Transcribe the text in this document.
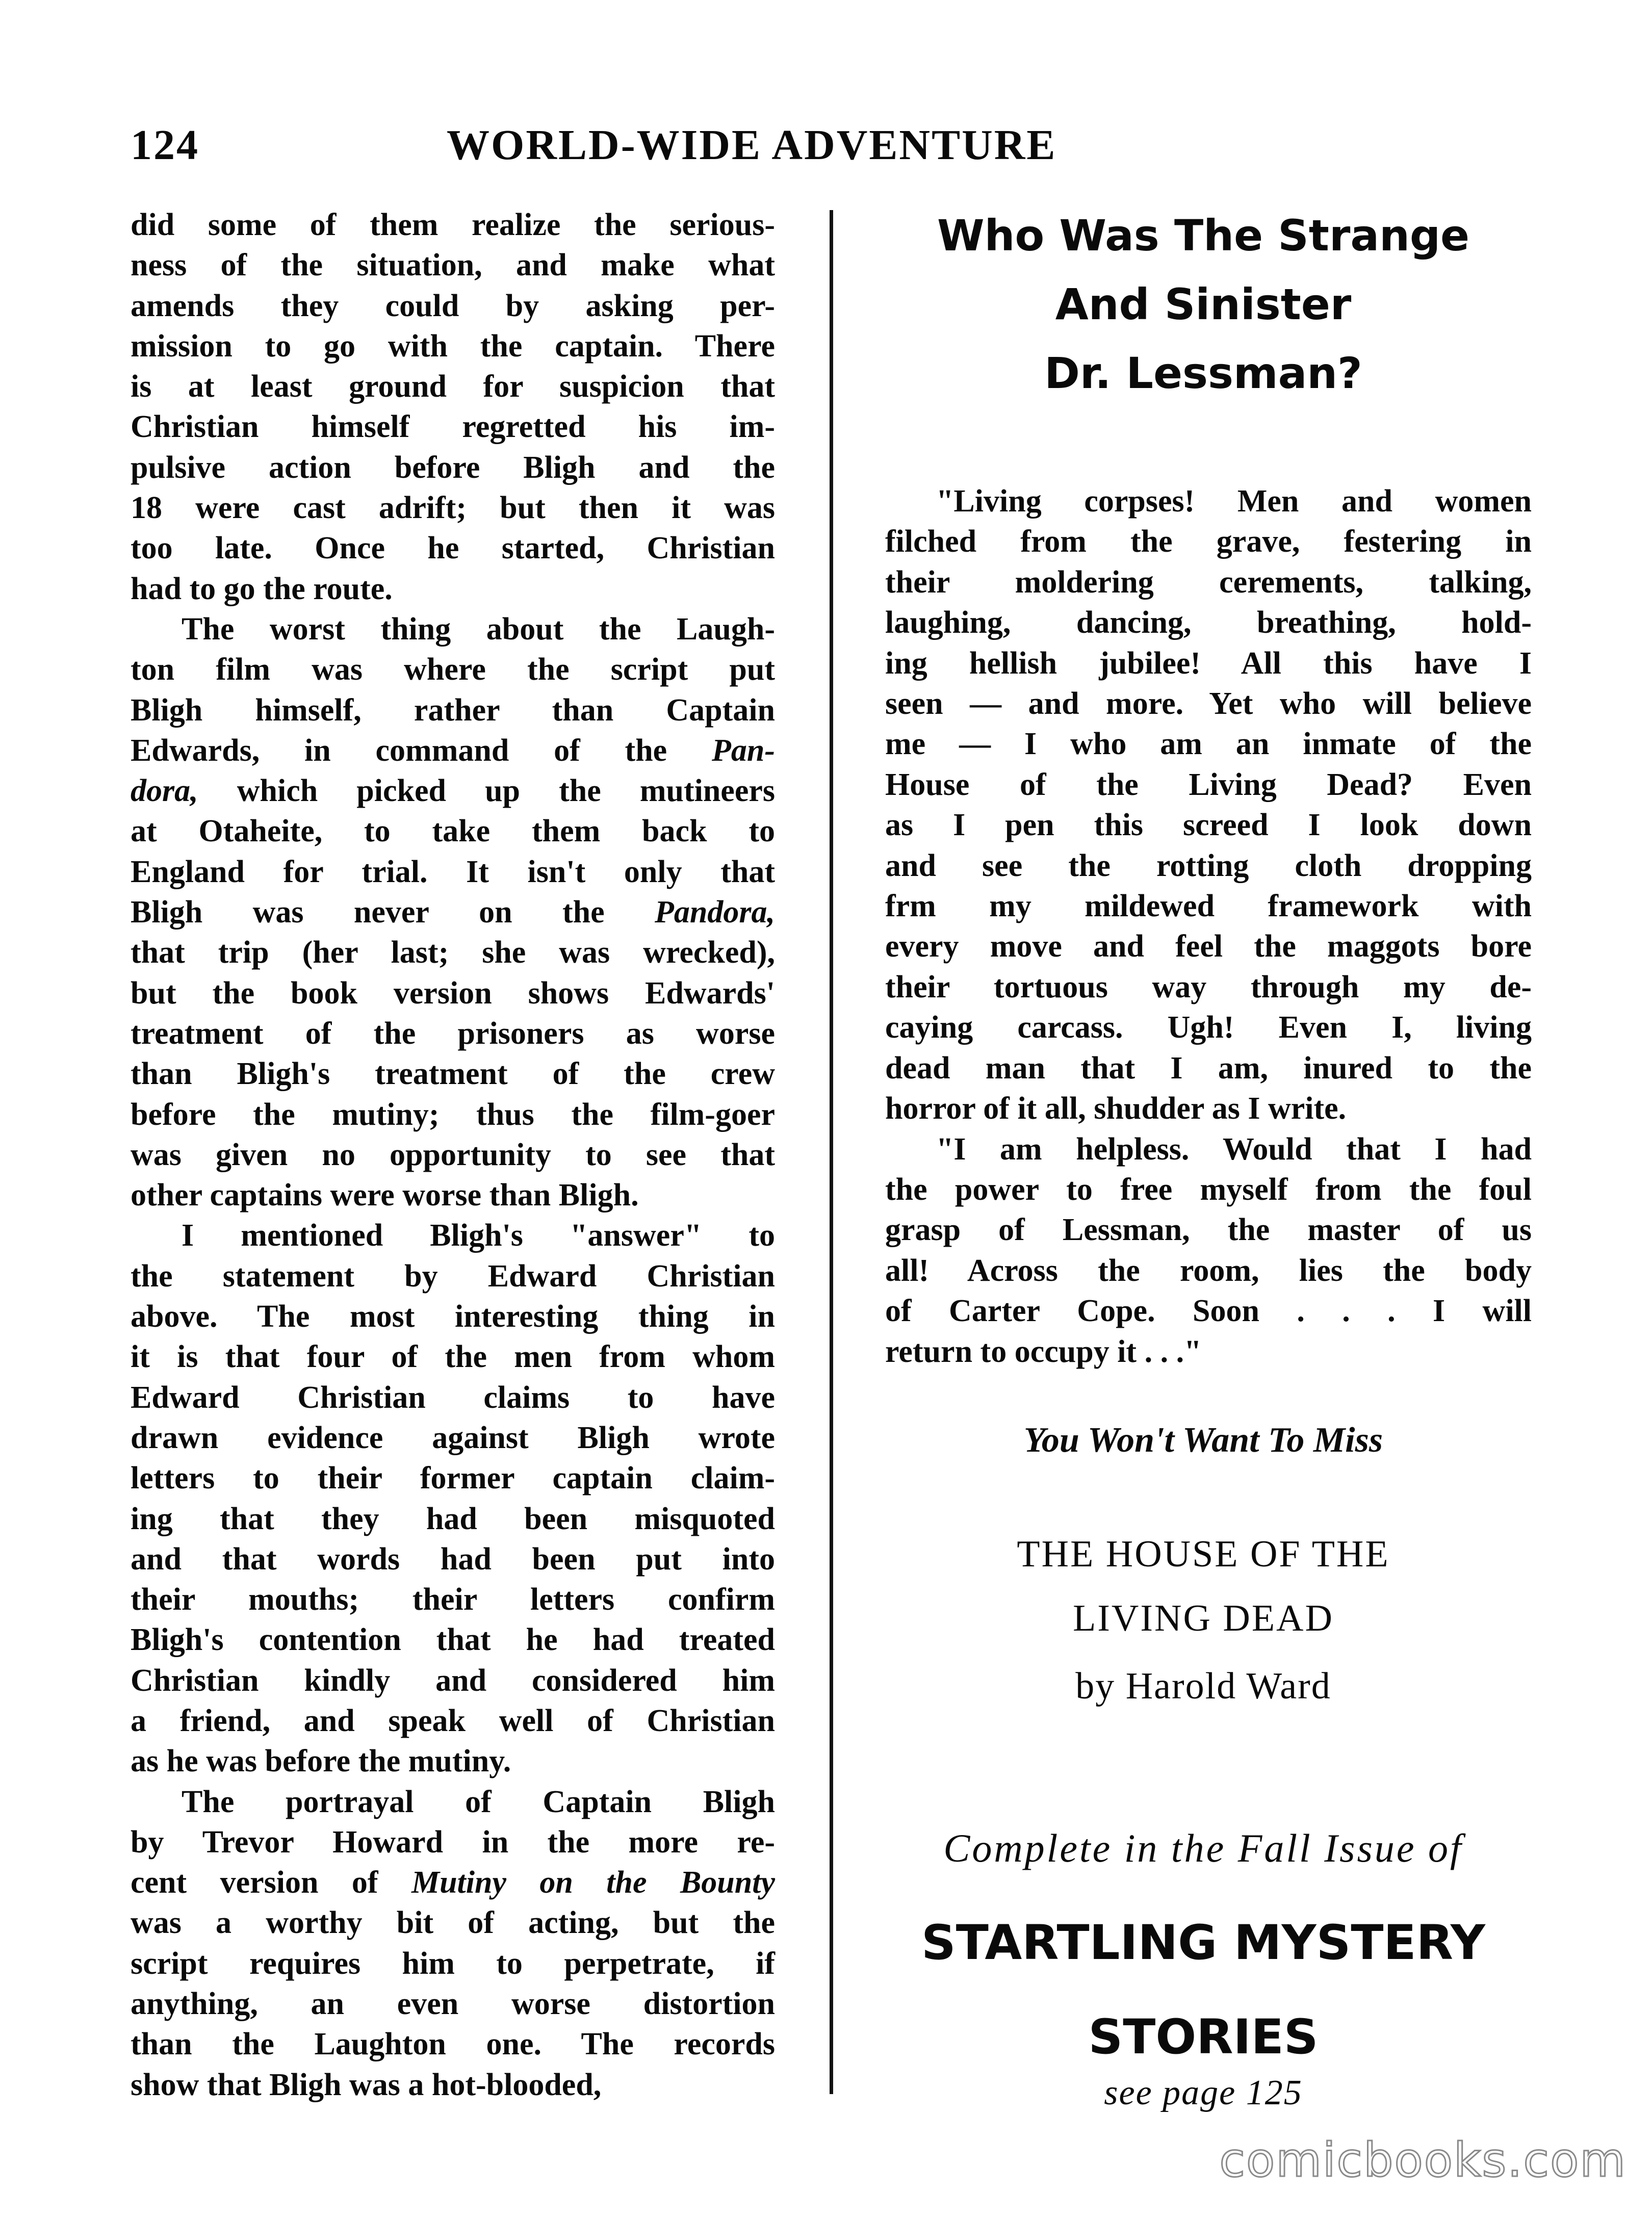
124	WORLD-WIDE ADVENTURE
did some of them realize the serious-
ness of the situation, and make what
amends they could by asking per-
mission to go with the captain. There
is at least ground for suspicion that
Christian himself regretted his im-
pulsive action before Bligh and the
18 were cast adrift; but then it was
too late. Once he started, Christian
had to go the route.
The worst thing about the Laugh-
ton film was where the script put
Bligh himself, rather than Captain
Edwards, in command of the Pan-
dora, which picked up the mutineers
at Otaheite, to take them back to
England for trial. It isn't only that
Bligh was never on the Pandora,
that trip (her last; she was wrecked),
but the book version shows Edwards'
treatment of the prisoners as worse
than Bligh's treatment of the crew
before the mutiny; thus the film-goer
was given no opportunity to see that
other captains were worse than Bligh.
I mentioned Bligh's "answer" to
the statement by Edward Christian
above. The most interesting thing in
it is that four of the men from whom
Edward Christian claims to have
drawn evidence against Bligh wrote
letters to their former captain claim-
ing that they had been misquoted
and that words had been put into
their mouths; their letters confirm
Bligh's contention that he had treated
Christian kindly and considered him
a friend, and speak well of Christian
as he was before the mutiny.
The portrayal of Captain Bligh
by Trevor Howard in the more re-
cent version of Mutiny on the Bounty
was a worthy bit of acting, but the
script requires him to perpetrate, if
anything, an even worse distortion
than the Laughton one. The records
show that Bligh was a hot-blooded,
Who Was The Strange
And Sinister
Dr. Lessman?
"Living corpses! Men and women
filched from the grave, festering in
their moldering cerements, talking,
laughing, dancing, breathing, hold-
ing hellish jubilee! All this have I
seen — and more. Yet who will believe
me — I who am an inmate of the
House of the Living Dead? Even
as I pen this screed I look down
and see the rotting cloth dropping
frm my mildewed framework with
every move and feel the maggots bore
their tortuous way through my de-
caying carcass. Ugh! Even I, living
dead man that I am, inured to the
horror of it all, shudder as I write.
"I am helpless. Would that I had
the power to free myself from the foul
grasp of Lessman, the master of us
all! Across the room, lies the body
of Carter Cope. Soon . . . I will
return to occupy it . . ."
You Won't Want To Miss
THE HOUSE OF THE
LIVING DEAD
by Harold Ward
Complete in the Fall Issue of
STARTLING MYSTERY
STORIES
see page 125
comicbooks.com
